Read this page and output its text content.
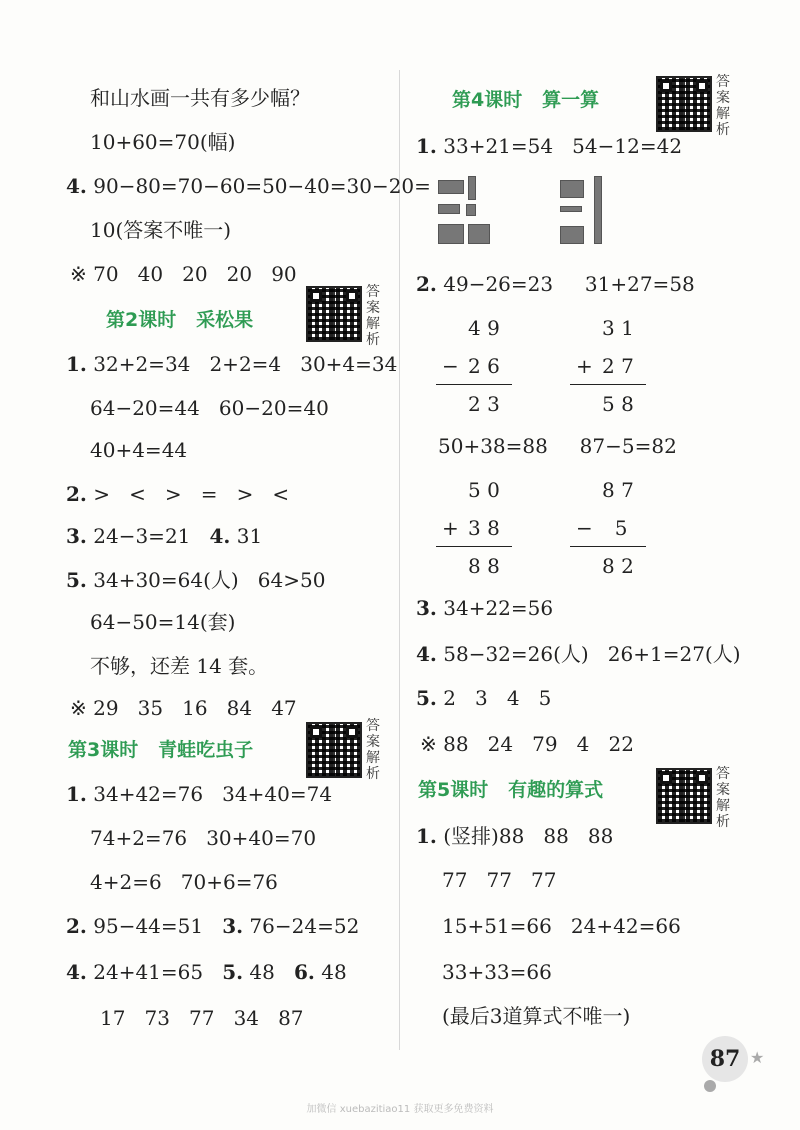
和山水画一共有多少幅？
10+60=70(幅)
4. 90−80=70−60=50−40=30−20=
10(答案不唯一)
※ 70   40   20   20   90
第2课时   采松果
答案解析
1. 32+2=34   2+2=4   30+4=34
64−20=44   60−20=40
40+4=44
2. >   <   >   =   >   <
3. 24−3=21   4. 31
5. 34+30=64(人)   64>50
64−50=14(套)
不够，还差 14 套。
※ 29   35   16   84   47
第3课时   青蛙吃虫子
答案解析
1. 34+42=76   34+40=74
74+2=76   30+40=70
4+2=6   70+6=76
2. 95−44=51   3. 76−24=52
4. 24+41=65   5. 48   6. 48
17   73   77   34   87
第4课时   算一算
答案解析
1. 33+21=54   54−12=42
2. 49−26=23     31+27=58
4 9
− 2 6
2 3
3 1
+ 2 7
5 8
50+38=88     87−5=82
5 0
+ 3 8
8 8
8 7
− 5
8 2
3. 34+22=56
4. 58−32=26(人)   26+1=27(人)
5. 2   3   4   5
※ 88   24   79   4   22
第5课时   有趣的算式
答案解析
1. (竖排)88   88   88
77   77   77
15+51=66   24+42=66
33+33=66
(最后3道算式不唯一)
87 ★
加微信 xuebazitiao11 获取更多免费资料
